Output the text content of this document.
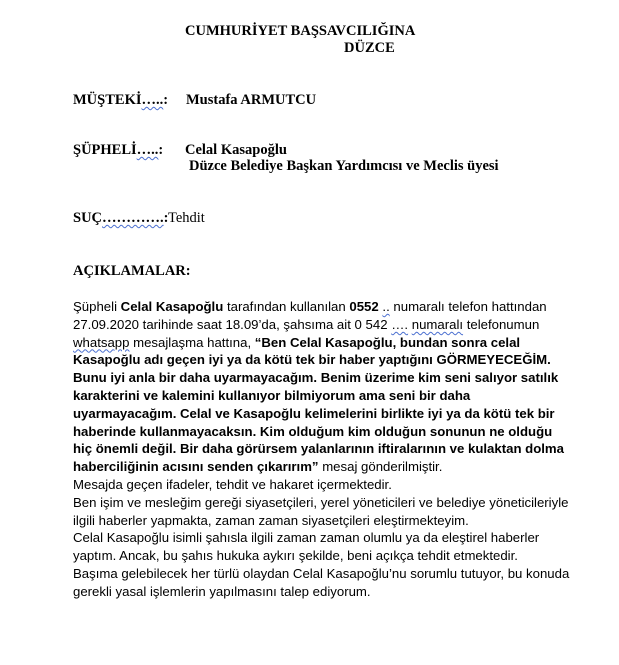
CUMHURİYET BAŞSAVCILIĞINA
DÜZCE
MÜŞTEKİ…..: Mustafa ARMUTCU
ŞÜPHELİ…..: Celal Kasapoğlu
Düzce Belediye Başkan Yardımcısı ve Meclis üyesi
SUÇ………….: Tehdit
AÇIKLAMALAR:

Şüpheli Celal Kasapoğlu tarafından kullanılan 0552 .. numaralı telefon hattından 27.09.2020 tarihinde saat 18.09’da, şahsıma ait 0 542 …. numaralı telefonumun whatsapp mesajlaşma hattına, “Ben Celal Kasapoğlu, bundan sonra celal Kasapoğlu adı geçen iyi ya da kötü tek bir haber yaptığını GÖRMEYECEĞİM. Bunu iyi anla bir daha uyarmayacağım. Benim üzerime kim seni salıyor satılık karakterini ve kalemini kullanıyor bilmiyorum ama seni bir daha uyarmayacağım. Celal ve Kasapoğlu kelimelerini birlikte iyi ya da kötü tek bir haberinde kullanmayacaksın. Kim olduğum kim olduğun sonunun ne olduğu hiç önemli değil. Bir daha görürsem yalanlarının iftiralarının ve kulaktan dolma haberciliğinin acısını senden çıkarırım” mesaj gönderilmiştir.

Mesajda geçen ifadeler, tehdit ve hakaret içermektedir.

Ben işim ve mesleğim gereği siyasetçileri, yerel yöneticileri ve belediye yöneticileriyle ilgili haberler yapmakta, zaman zaman siyasetçileri eleştirmekteyim.

Celal Kasapoğlu isimli şahısla ilgili zaman zaman olumlu ya da eleştirel haberler yaptım. Ancak, bu şahıs hukuka aykırı şekilde, beni açıkça tehdit etmektedir.

Başıma gelebilecek her türlü olaydan Celal Kasapoğlu’nu sorumlu tutuyor, bu konuda gerekli yasal işlemlerin yapılmasını talep ediyorum.
